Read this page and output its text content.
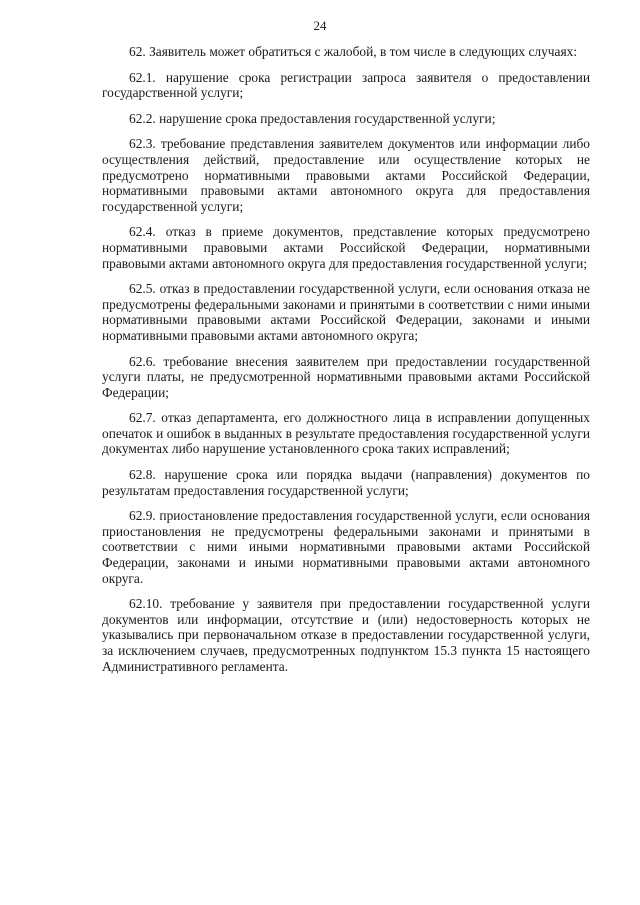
24

62. Заявитель может обратиться с жалобой, в том числе в следующих случаях:

62.1. нарушение срока регистрации запроса заявителя о предоставлении государственной услуги;

62.2. нарушение срока предоставления государственной услуги;

62.3. требование представления заявителем документов или информации либо осуществления действий, предоставление или осуществление которых не предусмотрено нормативными правовыми актами Российской Федерации, нормативными правовыми актами автономного округа для предоставления государственной услуги;

62.4. отказ в приеме документов, представление которых предусмотрено нормативными правовыми актами Российской Федерации, нормативными правовыми актами автономного округа для предоставления государственной услуги;

62.5. отказ в предоставлении государственной услуги, если основания отказа не предусмотрены федеральными законами и принятыми в соответствии с ними иными нормативными правовыми актами Российской Федерации, законами и иными нормативными правовыми актами автономного округа;

62.6. требование внесения заявителем при предоставлении государственной услуги платы, не предусмотренной нормативными правовыми актами Российской Федерации;

62.7. отказ департамента, его должностного лица в исправлении допущенных опечаток и ошибок в выданных в результате предоставления государственной услуги документах либо нарушение установленного срока таких исправлений;

62.8. нарушение срока или порядка выдачи (направления) документов по результатам предоставления государственной услуги;

62.9. приостановление предоставления государственной услуги, если основания приостановления не предусмотрены федеральными законами и принятыми в соответствии с ними иными нормативными правовыми актами Российской Федерации, законами и иными нормативными правовыми актами автономного округа.

62.10. требование у заявителя при предоставлении государственной услуги документов или информации, отсутствие и (или) недостоверность которых не указывались при первоначальном отказе в предоставлении государственной услуги, за исключением случаев, предусмотренных подпунктом 15.3 пункта 15 настоящего Административного регламента.
